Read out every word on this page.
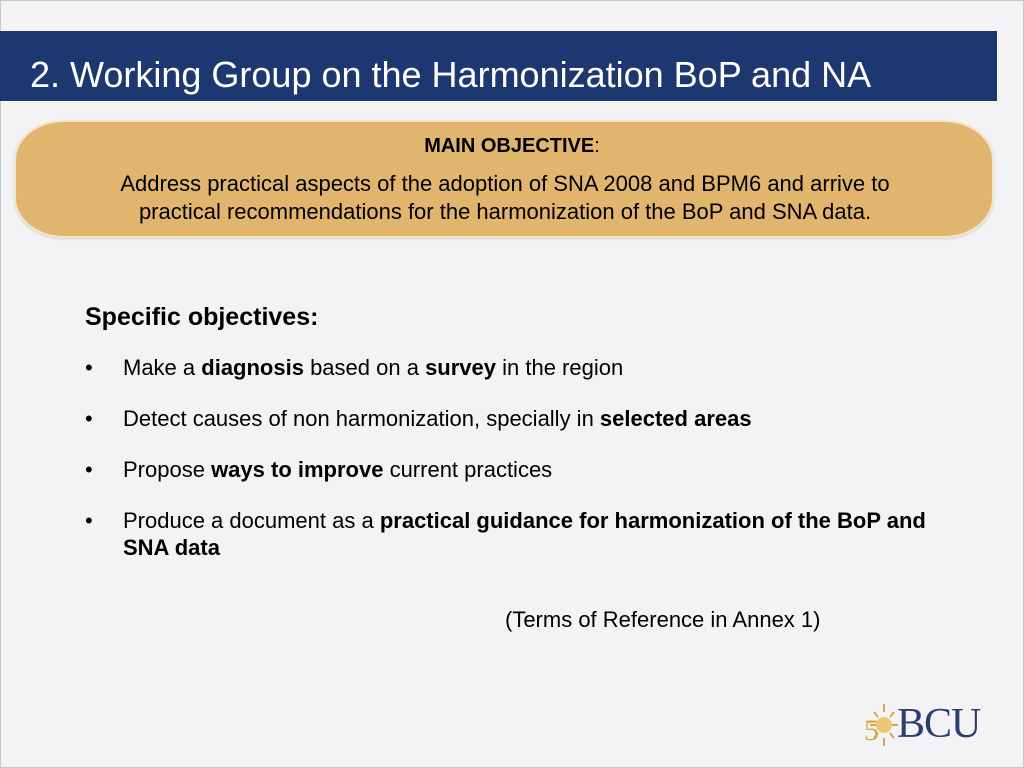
2. Working Group on the Harmonization BoP and NA
MAIN OBJECTIVE:
Address practical aspects of the adoption of SNA 2008 and BPM6 and arrive to
practical recommendations for the harmonization of the BoP and SNA data.
Specific objectives:
• Make a diagnosis based on a survey in the region
• Detect causes of non harmonization, specially in selected areas
• Propose ways to improve current practices
• Produce a document as a practical guidance for harmonization of the BoP and SNA data
(Terms of Reference in Annex 1)
5 BCU
